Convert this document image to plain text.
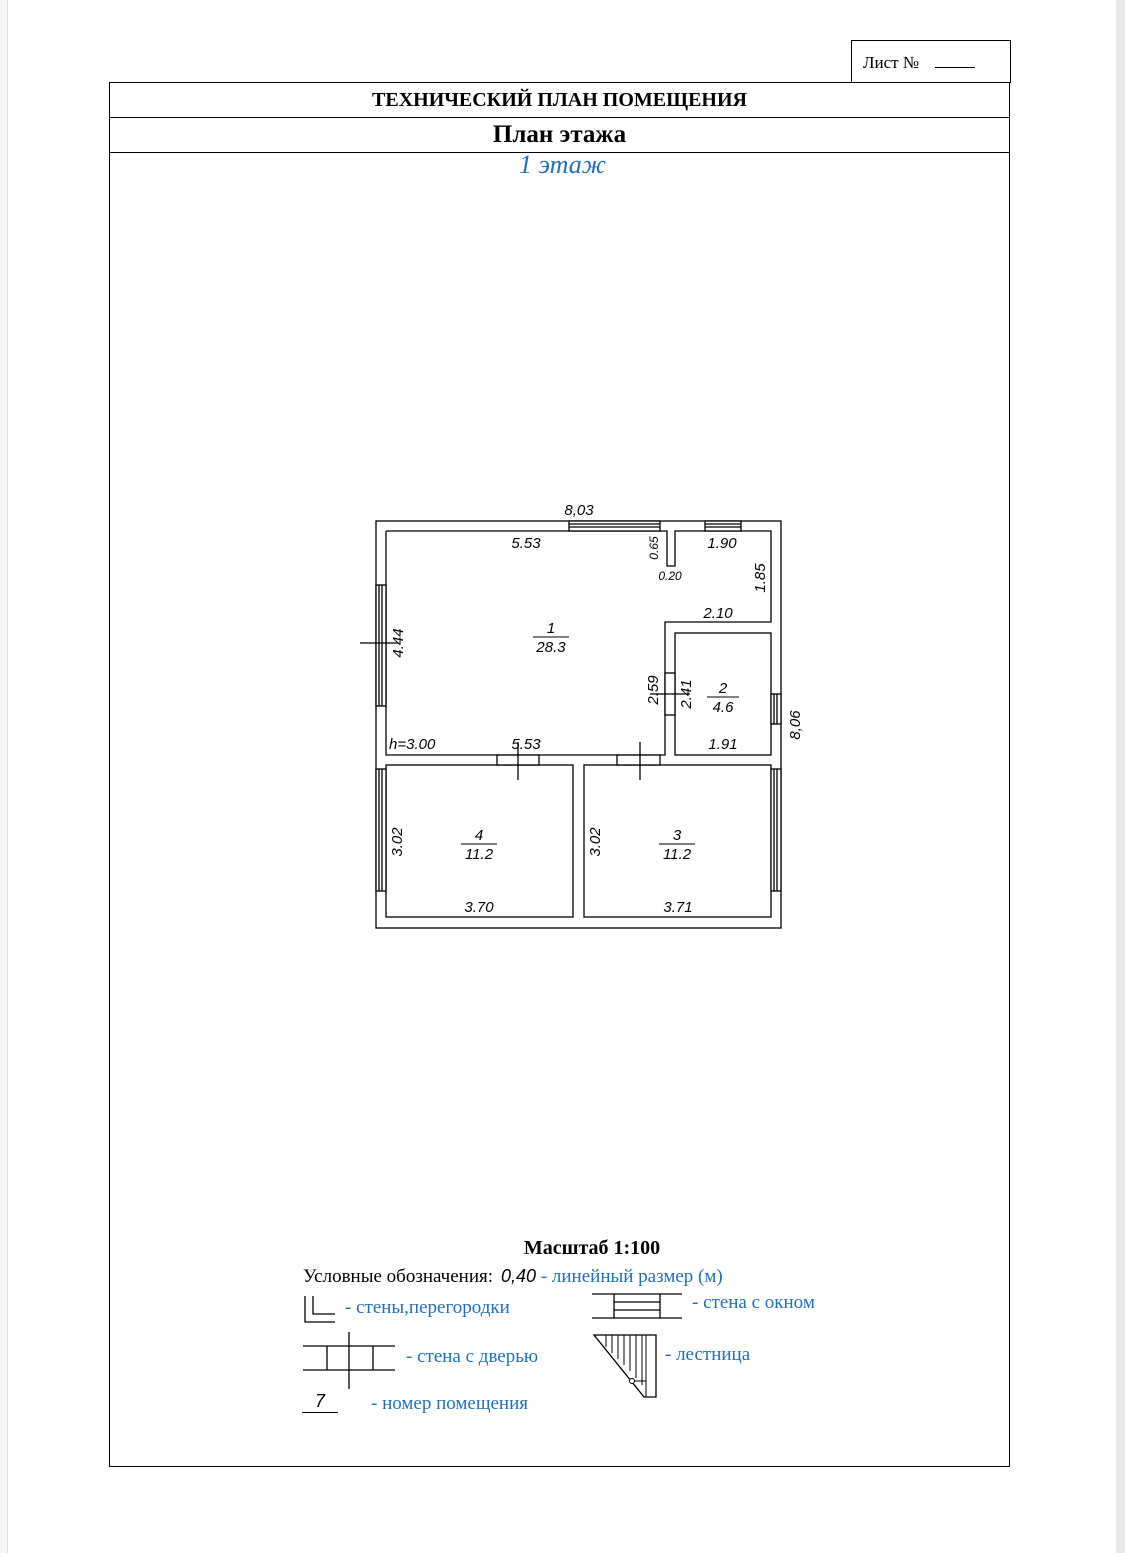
Лист №
ТЕХНИЧЕСКИЙ ПЛАН ПОМЕЩЕНИЯ
План этажа
1 этаж
8,03
5.53	1.90
0.65
0.20	1.85
2.10
4.44
2.59 2.41
8,06
1.91
h=3.00	5.53
3.02
3.70
3.02
3.71
1
28.3
2
4.6
3
11.2
4
11.2
Масштаб 1:100
Условные обозначения: 0,40 - линейный размер (м)
- стены,перегородки	- стена с окном
- стена с дверью	- лестница
7	- номер помещения
